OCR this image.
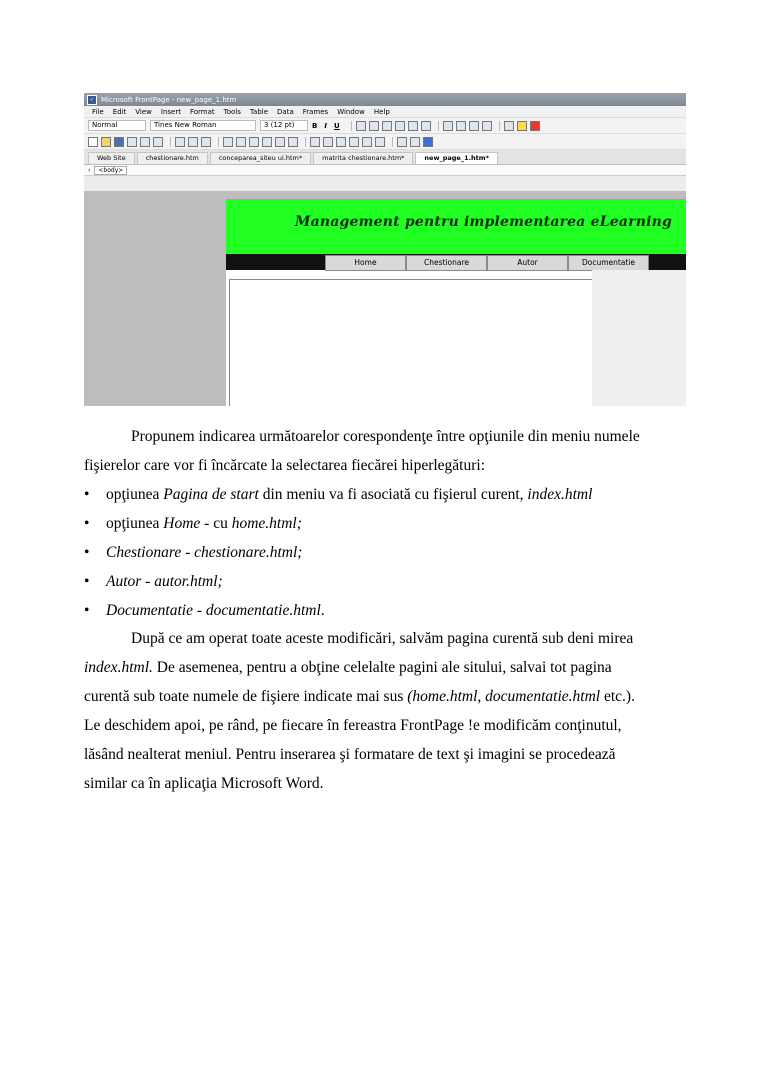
✓ Microsoft FrontPage - new_page_1.htm
File Edit View Insert Format Tools Table Data Frames Window Help
Normal	Tines New Roman	3 (12 pt)	B I U
Web Site	chestionare.htm	conceparea_siteu ui.htm*	matrita chestionare.htm*	new_page_1.htm*
‹	<body>
Management pentru implementarea eLearning
Home	Chestionare	Autor	Documentatie
Propunem indicarea următoarelor corespondenţe între opţiunile din meniu numele
fişierelor care vor fi încărcate la selectarea fiecărei hiperlegături:
• opţiunea Pagina de start din meniu va fi asociată cu fişierul curent, index.html
• opţiunea Home - cu home.html;
• Chestionare - chestionare.html;
• Autor - autor.html;
• Documentatie - documentatie.html.
După ce am operat toate aceste modificări, salvăm pagina curentă sub deni mirea
index.html. De asemenea, pentru a obţine celelalte pagini ale sitului, salvai tot pagina
curentă sub toate numele de fişiere indicate mai sus (home.html, documentatie.html etc.).
Le deschidem apoi, pe rând, pe fiecare în fereastra FrontPage !e modificăm conţinutul,
lăsând nealterat meniul. Pentru inserarea şi formatare de text şi imagini se procedează
similar ca în aplicaţia Microsoft Word.
